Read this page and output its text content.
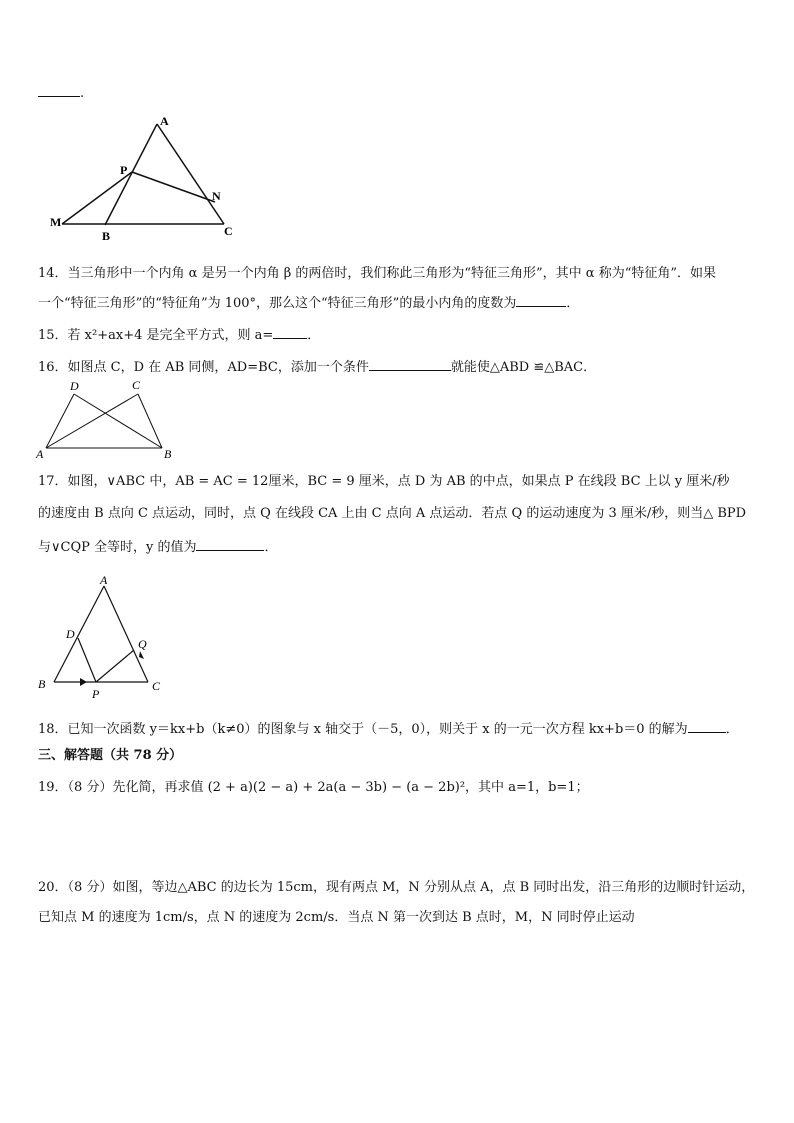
.
A
P
N
M
B	C
14．当三角形中一个内角 α 是另一个内角 β 的两倍时，我们称此三角形为“特征三角形”，其中 α 称为“特征角”．如果
一个“特征三角形”的“特征角”为 100°，那么这个“特征三角形”的最小内角的度数为	．
15．若 x²+ax+4 是完全平方式，则 a=	．
16．如图点 C，D 在 AB 同侧，AD=BC，添加一个条件	就能使△ABD ≌△BAC．
D	C
A	B
17．如图，∨ABC 中，AB = AC = 12厘米，BC = 9 厘米，点 D 为 AB 的中点，如果点 P 在线段 BC 上以 y 厘米/秒
的速度由 B 点向 C 点运动，同时，点 Q 在线段 CA 上由 C 点向 A 点运动．若点 Q 的运动速度为 3 厘米/秒，则当△ BPD
与∨CQP 全等时，y 的值为	．
A
D
Q
B
P
C
18．已知一次函数 y＝kx+b（k≠0）的图象与 x 轴交于（－5，0），则关于 x 的一元一次方程 kx+b＝0 的解为	．
三、解答题（共 78 分）
19．（8 分）先化简，再求值 (2 + a)(2 − a) + 2a(a − 3b) − (a − 2b)²，其中 a=1，b=1；
20．（8 分）如图，等边△ABC 的边长为 15cm，现有两点 M，N 分别从点 A，点 B 同时出发，沿三角形的边顺时针运动，
已知点 M 的速度为 1cm/s，点 N 的速度为 2cm/s．当点 N 第一次到达 B 点时，M，N 同时停止运动
